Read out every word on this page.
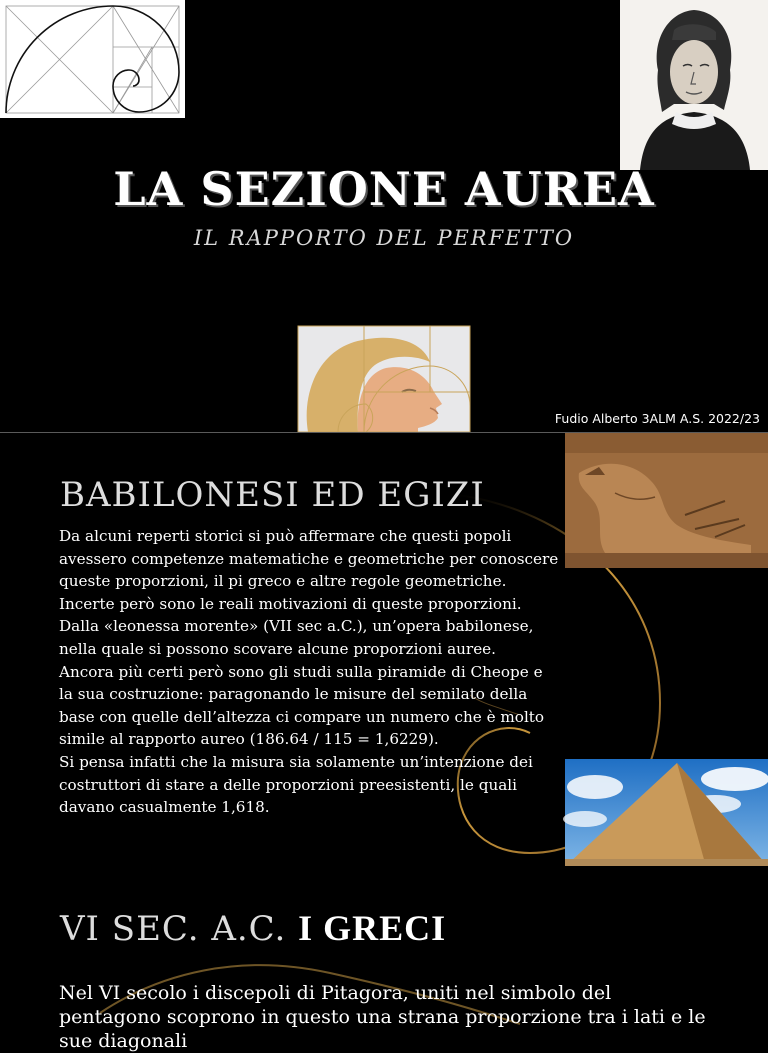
LA SEZIONE AUREA
IL RAPPORTO DEL PERFETTO
Fudio Alberto 3ALM A.S. 2022/23
BABILONESI ED EGIZI

Da alcuni reperti storici si può affermare che questi popoli avessero competenze matematiche e geometriche per conoscere queste proporzioni, il pi greco e altre regole geometriche. Incerte però sono le reali motivazioni di queste proporzioni.

Dalla «leonessa morente» (VII sec a.C.), un’opera babilonese, nella quale si possono scovare alcune proporzioni auree.

Ancora più certi però sono gli studi sulla piramide di Cheope e la sua costruzione: paragonando le misure del semilato della base con quelle dell’altezza ci compare un numero che è molto simile al rapporto aureo (186.64 / 115 = 1,6229).

Si pensa infatti che la misura sia solamente un’intenzione dei costruttori di stare a delle proporzioni preesistenti, le quali davano casualmente 1,618.

VI SEC. A.C. I GRECI
Nel VI secolo i discepoli di Pitagora, uniti nel simbolo del pentagono scoprono in questo una strana proporzione tra i lati e le sue diagonali
